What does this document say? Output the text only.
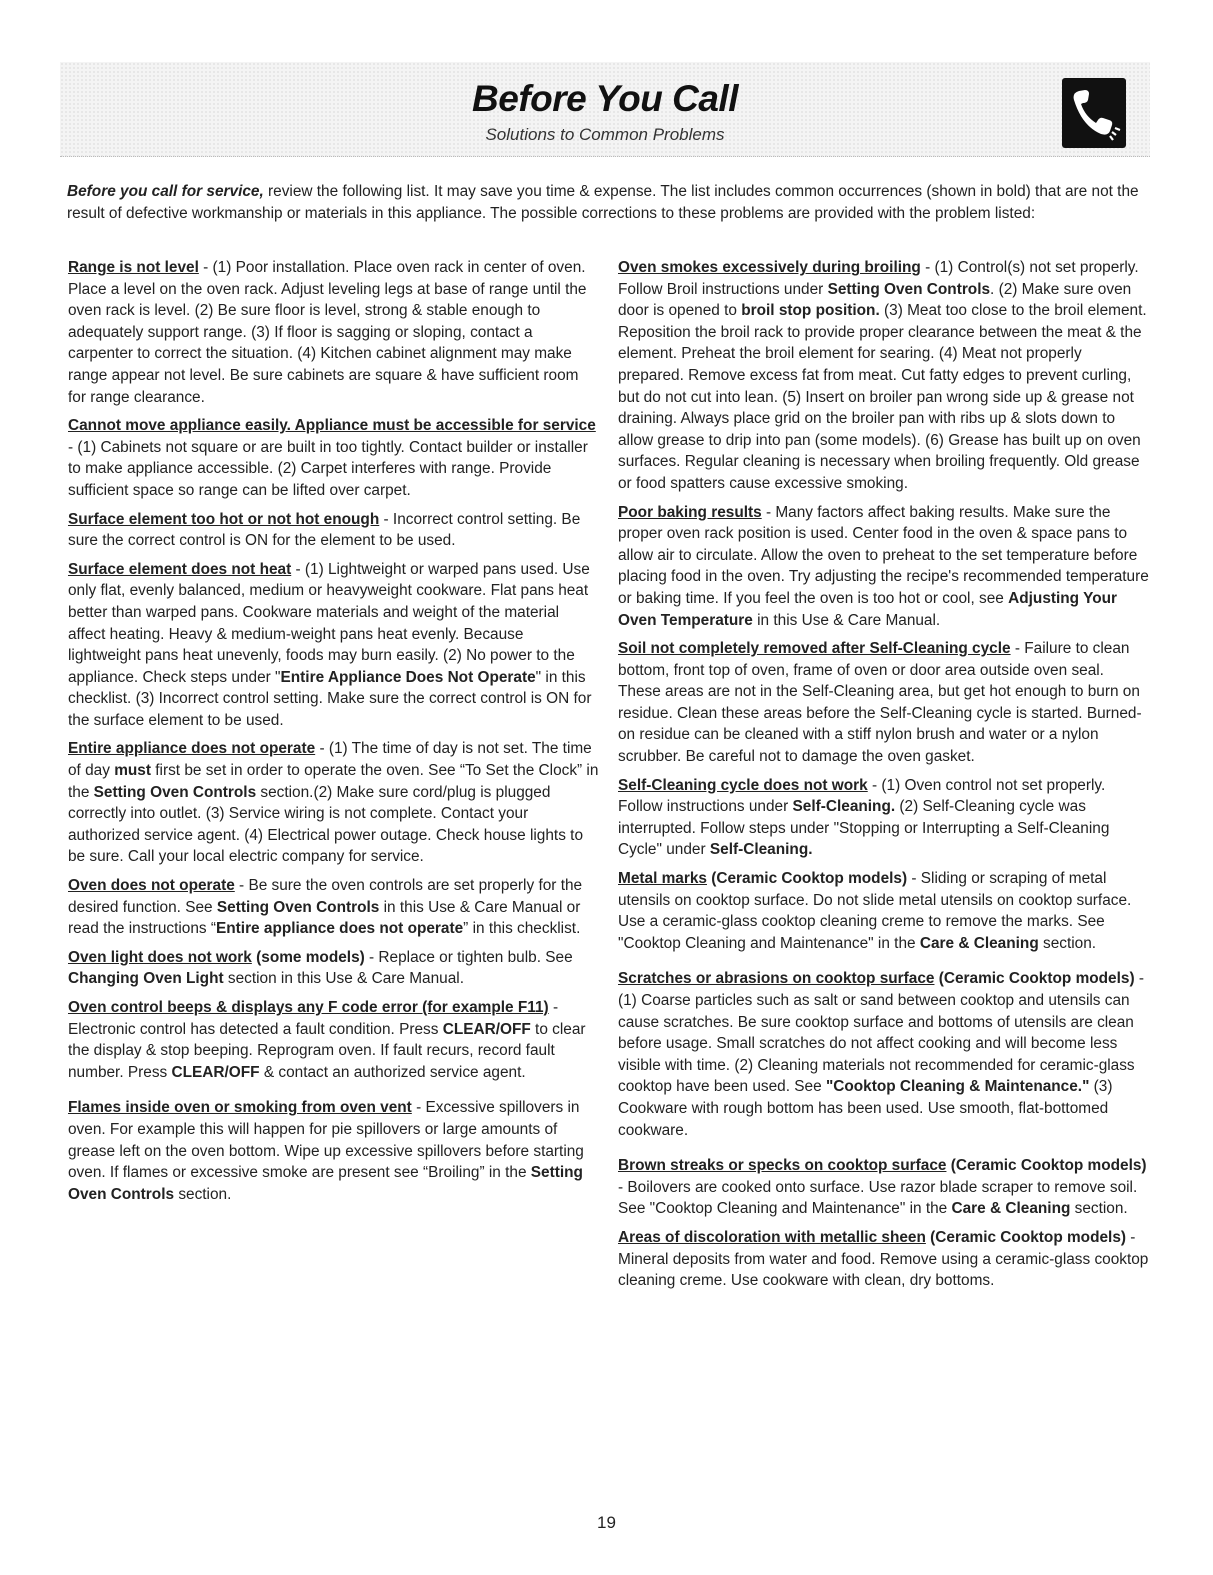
Before You Call
Solutions to Common Problems
Before you call for service, review the following list. It may save you time & expense. The list includes common occurrences (shown in bold) that are not the result of defective workmanship or materials in this appliance. The possible corrections to these problems are provided with the problem listed:

Range is not level - (1) Poor installation. Place oven rack in center of oven. Place a level on the oven rack. Adjust leveling legs at base of range until the oven rack is level. (2) Be sure floor is level, strong & stable enough to adequately support range. (3) If floor is sagging or sloping, contact a carpenter to correct the situation. (4) Kitchen cabinet alignment may make range appear not level. Be sure cabinets are square & have sufficient room for range clearance.

Cannot move appliance easily. Appliance must be accessible for service - (1) Cabinets not square or are built in too tightly. Contact builder or installer to make appliance accessible. (2) Carpet interferes with range. Provide sufficient space so range can be lifted over carpet.

Surface element too hot or not hot enough - Incorrect control setting. Be sure the correct control is ON for the element to be used.

Surface element does not heat - (1) Lightweight or warped pans used. Use only flat, evenly balanced, medium or heavyweight cookware. Flat pans heat better than warped pans. Cookware materials and weight of the material affect heating. Heavy & medium-weight pans heat evenly. Because lightweight pans heat unevenly, foods may burn easily. (2) No power to the appliance. Check steps under "Entire Appliance Does Not Operate" in this checklist. (3) Incorrect control setting. Make sure the correct control is ON for the surface element to be used.

Entire appliance does not operate - (1) The time of day is not set. The time of day must first be set in order to operate the oven. See “To Set the Clock” in the Setting Oven Controls section.(2) Make sure cord/plug is plugged correctly into outlet. (3) Service wiring is not complete. Contact your authorized service agent. (4) Electrical power outage. Check house lights to be sure. Call your local electric company for service.

Oven does not operate - Be sure the oven controls are set properly for the desired function. See Setting Oven Controls in this Use & Care Manual or read the instructions “Entire appliance does not operate” in this checklist.

Oven light does not work (some models) - Replace or tighten bulb. See Changing Oven Light section in this Use & Care Manual.

Oven control beeps & displays any F code error (for example F11) - Electronic control has detected a fault condition. Press CLEAR/OFF to clear the display & stop beeping. Reprogram oven. If fault recurs, record fault number. Press CLEAR/OFF & contact an authorized service agent.

Flames inside oven or smoking from oven vent - Excessive spillovers in oven. For example this will happen for pie spillovers or large amounts of grease left on the oven bottom. Wipe up excessive spillovers before starting oven. If flames or excessive smoke are present see “Broiling” in the Setting Oven Controls section.

Oven smokes excessively during broiling - (1) Control(s) not set properly. Follow Broil instructions under Setting Oven Controls. (2) Make sure oven door is opened to broil stop position. (3) Meat too close to the broil element. Reposition the broil rack to provide proper clearance between the meat & the element. Preheat the broil element for searing. (4) Meat not properly prepared. Remove excess fat from meat. Cut fatty edges to prevent curling, but do not cut into lean. (5) Insert on broiler pan wrong side up & grease not draining. Always place grid on the broiler pan with ribs up & slots down to allow grease to drip into pan (some models). (6) Grease has built up on oven surfaces. Regular cleaning is necessary when broiling frequently. Old grease or food spatters cause excessive smoking.

Poor baking results - Many factors affect baking results. Make sure the proper oven rack position is used. Center food in the oven & space pans to allow air to circulate. Allow the oven to preheat to the set temperature before placing food in the oven. Try adjusting the recipe's recommended temperature or baking time. If you feel the oven is too hot or cool, see Adjusting Your Oven Temperature in this Use & Care Manual.

Soil not completely removed after Self-Cleaning cycle - Failure to clean bottom, front top of oven, frame of oven or door area outside oven seal. These areas are not in the Self-Cleaning area, but get hot enough to burn on residue. Clean these areas before the Self-Cleaning cycle is started. Burned-on residue can be cleaned with a stiff nylon brush and water or a nylon scrubber. Be careful not to damage the oven gasket.

Self-Cleaning cycle does not work - (1) Oven control not set properly. Follow instructions under Self-Cleaning. (2) Self-Cleaning cycle was interrupted. Follow steps under "Stopping or Interrupting a Self-Cleaning Cycle" under Self-Cleaning.

Metal marks (Ceramic Cooktop models) - Sliding or scraping of metal utensils on cooktop surface. Do not slide metal utensils on cooktop surface. Use a ceramic-glass cooktop cleaning creme to remove the marks. See "Cooktop Cleaning and Maintenance" in the Care & Cleaning section.

Scratches or abrasions on cooktop surface (Ceramic Cooktop models) - (1) Coarse particles such as salt or sand between cooktop and utensils can cause scratches. Be sure cooktop surface and bottoms of utensils are clean before usage. Small scratches do not affect cooking and will become less visible with time. (2) Cleaning materials not recommended for ceramic-glass cooktop have been used. See "Cooktop Cleaning & Maintenance." (3) Cookware with rough bottom has been used. Use smooth, flat-bottomed cookware.

Brown streaks or specks on cooktop surface (Ceramic Cooktop models) - Boilovers are cooked onto surface. Use razor blade scraper to remove soil. See "Cooktop Cleaning and Maintenance" in the Care & Cleaning section.

Areas of discoloration with metallic sheen (Ceramic Cooktop models) - Mineral deposits from water and food. Remove using a ceramic-glass cooktop cleaning creme. Use cookware with clean, dry bottoms.

19
